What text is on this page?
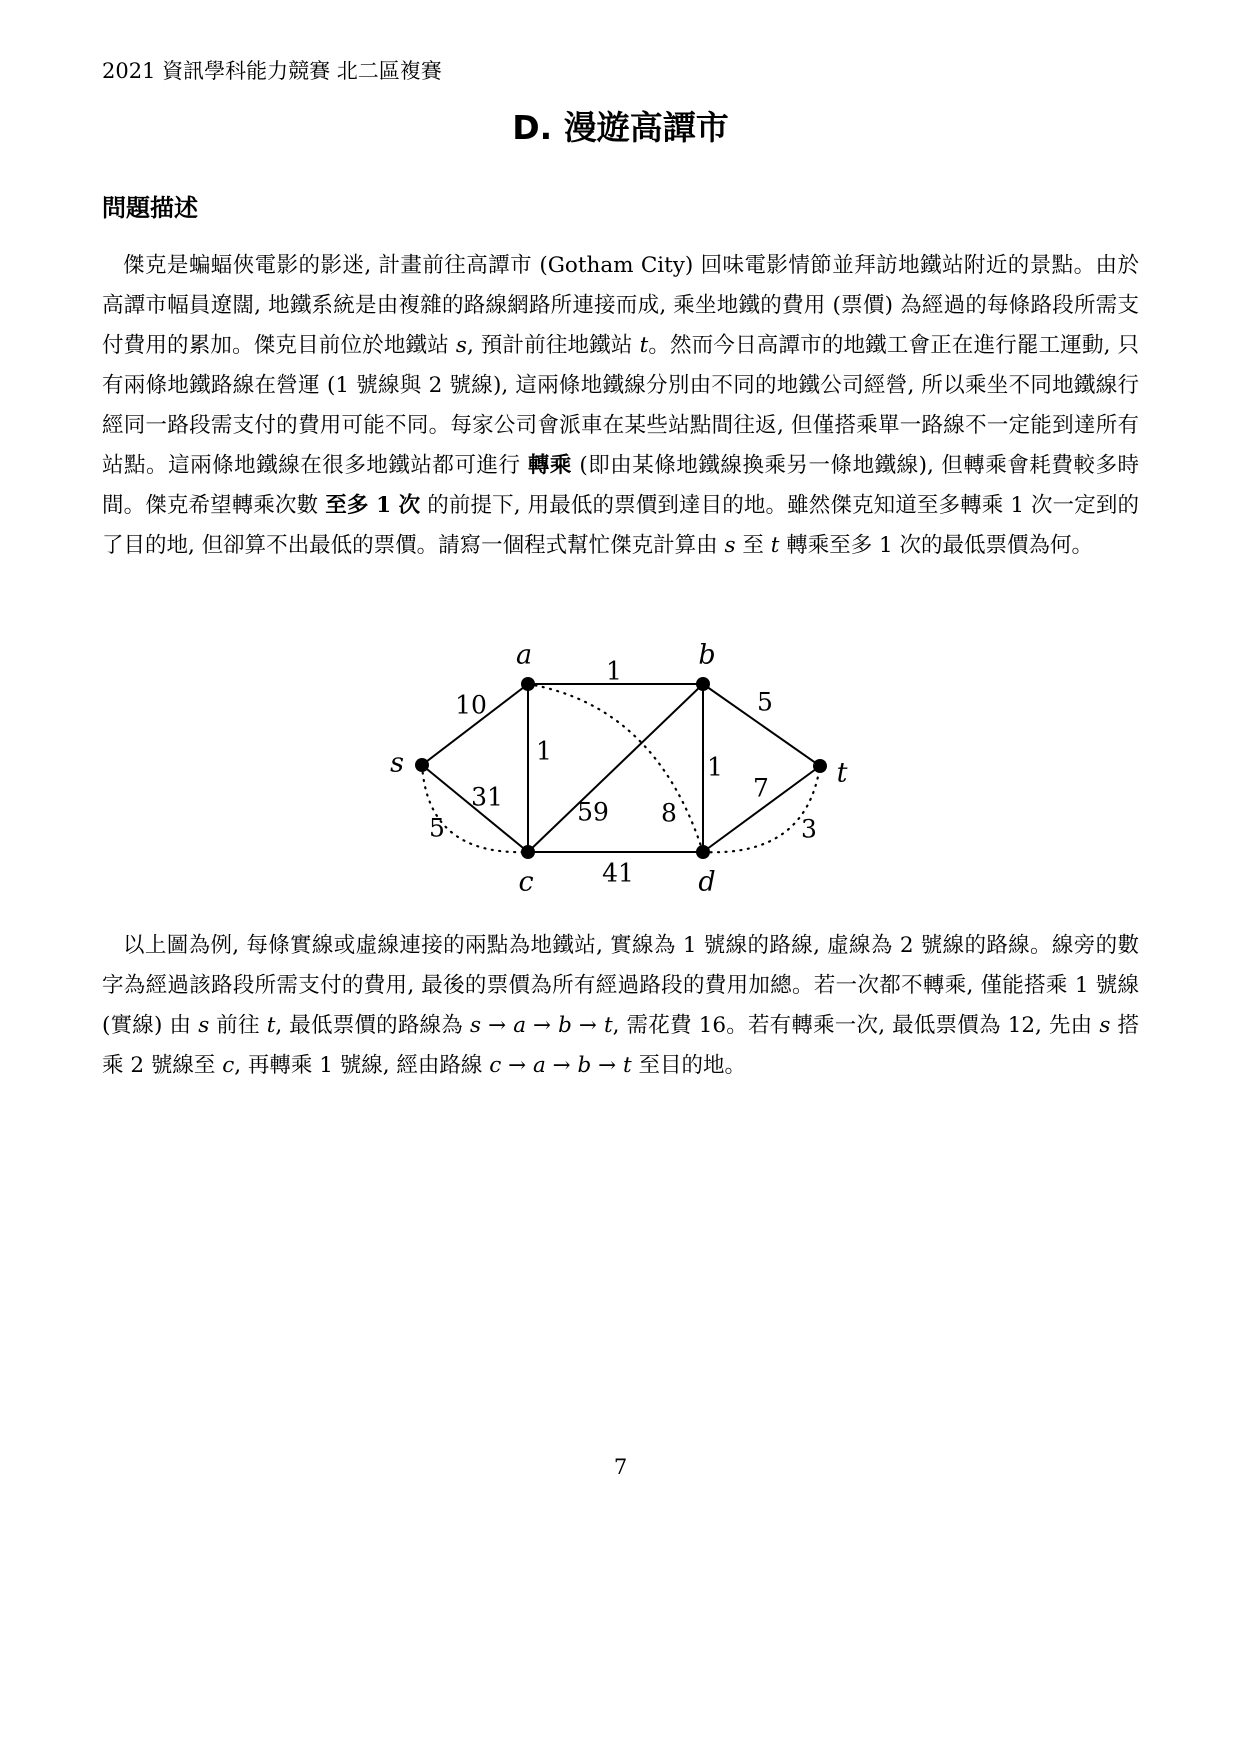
2021 資訊學科能力競賽 北二區複賽
D. 漫遊高譚市
問題描述

傑克是蝙蝠俠電影的影迷, 計畫前往高譚市 (Gotham City) 回味電影情節並拜訪地鐵站附近的景點。由於高譚市幅員遼闊, 地鐵系統是由複雜的路線網路所連接而成, 乘坐地鐵的費用 (票價) 為經過的每條路段所需支付費用的累加。傑克目前位於地鐵站 s, 預計前往地鐵站 t。然而今日高譚市的地鐵工會正在進行罷工運動, 只有兩條地鐵路線在營運 (1 號線與 2 號線), 這兩條地鐵線分別由不同的地鐵公司經營, 所以乘坐不同地鐵線行經同一路段需支付的費用可能不同。每家公司會派車在某些站點間往返, 但僅搭乘單一路線不一定能到達所有站點。這兩條地鐵線在很多地鐵站都可進行 轉乘 (即由某條地鐵線換乘另一條地鐵線), 但轉乘會耗費較多時間。傑克希望轉乘次數 至多 1 次 的前提下, 用最低的票價到達目的地。雖然傑克知道至多轉乘 1 次一定到的了目的地, 但卻算不出最低的票價。請寫一個程式幫忙傑克計算由 s 至 t 轉乘至多 1 次的最低票價為何。

10
1
1
31
59
1
5
7
41
5
8
3
s
a	b
c	d
t

以上圖為例, 每條實線或虛線連接的兩點為地鐵站, 實線為 1 號線的路線, 虛線為 2 號線的路線。線旁的數字為經過該路段所需支付的費用, 最後的票價為所有經過路段的費用加總。若一次都不轉乘, 僅能搭乘 1 號線 (實線) 由 s 前往 t, 最低票價的路線為 s → a → b → t, 需花費 16。若有轉乘一次, 最低票價為 12, 先由 s 搭乘 2 號線至 c, 再轉乘 1 號線, 經由路線 c → a → b → t 至目的地。

7
